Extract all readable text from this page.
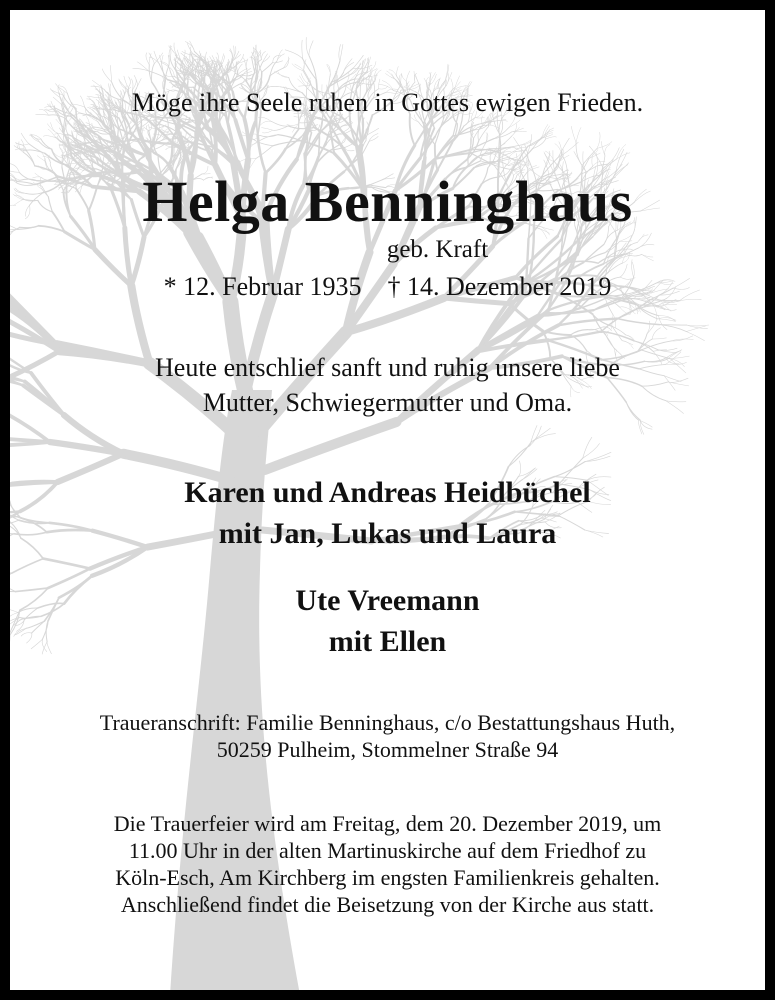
Möge ihre Seele ruhen in Gottes ewigen Frieden.
Helga Benninghaus
geb. Kraft
* 12. Februar 1935 † 14. Dezember 2019
Heute entschlief sanft und ruhig unsere liebe
Mutter, Schwiegermutter und Oma.
Karen und Andreas Heidbüchel
mit Jan, Lukas und Laura
Ute Vreemann
mit Ellen
Traueranschrift: Familie Benninghaus, c/o Bestattungshaus Huth,
50259 Pulheim, Stommelner Straße 94
Die Trauerfeier wird am Freitag, dem 20. Dezember 2019, um
11.00 Uhr in der alten Martinuskirche auf dem Friedhof zu
Köln-Esch, Am Kirchberg im engsten Familienkreis gehalten.
Anschließend findet die Beisetzung von der Kirche aus statt.
